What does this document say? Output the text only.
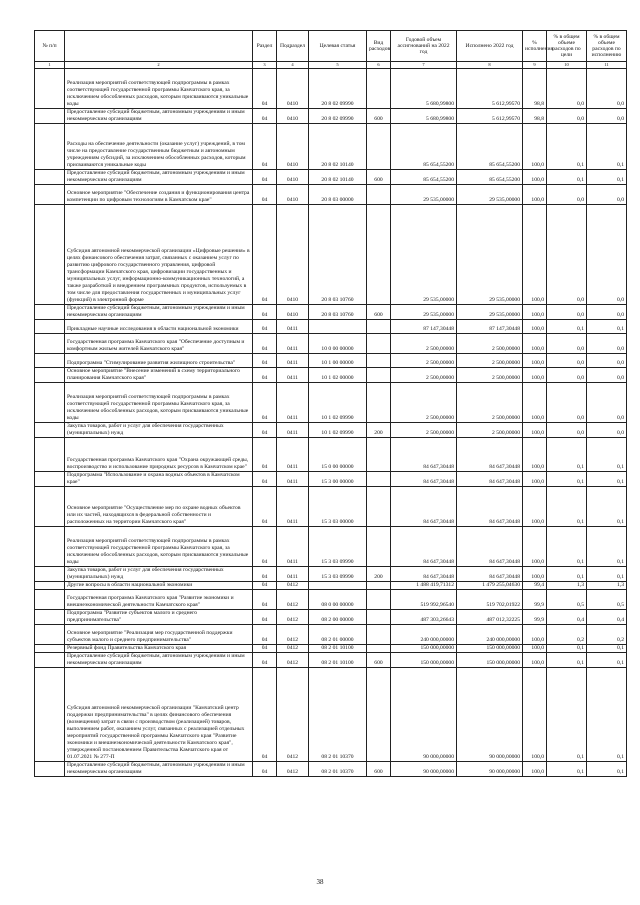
№ п/п		Раздел	Подраздел	Целевая статья	Вид расходов	Годовой объем ассигнований на 2022 год	Исполнено 2022 год	% исполнения	% в общем объеме расходов по цели	% в общем объеме расходов по исполнению
1	2	3	4	5	6	7	8	9	10	11
	Реализация мероприятий соответствующей подпрограммы в рамках соответствующей государственной программы Камчатского края, за исключением обособленных расходов, которым присваиваются уникальные коды	04	0410	20 8 02 09990		5 680,99800	5 612,99570	98,8	0,0	0,0
	Предоставление субсидий бюджетным, автономным учреждениям и иным некоммерческим организациям	04	0410	20 8 02 09990	600	5 680,99800	5 612,99570	98,8	0,0	0,0
	Расходы на обеспечение деятельности (оказание услуг) учреждений, в том числе на предоставление государственным бюджетным и автономным учреждениям субсидий, за исключением обособленных расходов, которым присваиваются уникальные коды	04	0410	20 8 02 10140		85 654,55200	85 654,55200	100,0	0,1	0,1
	Предоставление субсидий бюджетным, автономным учреждениям и иным некоммерческим организациям	04	0410	20 8 02 10140	600	85 654,55200	85 654,55200	100,0	0,1	0,1
	Основное мероприятие "Обеспечение создания и функционирования центра компетенции по цифровым технологиям в Камчатском крае"	04	0410	20 8 03 00000		29 535,00000	29 535,00000	100,0	0,0	0,0
	Субсидия автономной некоммерческой организации «Цифровые решения» в целях финансового обеспечения затрат, связанных с оказанием услуг по развитию цифрового государственного управления, цифровой трансформации Камчатского края, цифровизации государственных и муниципальных услуг, информационно-коммуникационных технологий, а также разработкой и внедрением программных продуктов, используемых в том числе для предоставления государственных и муниципальных услуг (функций) в электронной форме	04	0410	20 8 03 10760		29 535,00000	29 535,00000	100,0	0,0	0,0
	Предоставление субсидий бюджетным, автономным учреждениям и иным некоммерческим организациям	04	0410	20 8 03 10760	600	29 535,00000	29 535,00000	100,0	0,0	0,0
	Прикладные научные исследования в области национальной экономики	04	0411			87 147,30448	87 147,30448	100,0	0,1	0,1
	Государственная программа Камчатского края "Обеспечение доступным и комфортным жильем жителей Камчатского края"	04	0411	10 0 00 00000		2 500,00000	2 500,00000	100,0	0,0	0,0
	Подпрограмма "Стимулирование развития жилищного строительства"	04	0411	10 1 00 00000		2 500,00000	2 500,00000	100,0	0,0	0,0
	Основное мероприятие "Внесение изменений в схему территориального планирования Камчатского края"	04	0411	10 1 02 00000		2 500,00000	2 500,00000	100,0	0,0	0,0
	Реализация мероприятий соответствующей подпрограммы в рамках соответствующей государственной программы Камчатского края, за исключением обособленных расходов, которым присваиваются уникальные коды	04	0411	10 1 02 09990		2 500,00000	2 500,00000	100,0	0,0	0,0
	Закупка товаров, работ и услуг для обеспечения государственных (муниципальных) нужд	04	0411	10 1 02 09990	200	2 500,00000	2 500,00000	100,0	0,0	0,0
	Государственная программа Камчатского края "Охрана окружающей среды, воспроизводство и использование природных ресурсов в Камчатском крае"	04	0411	15 0 00 00000		84 647,30448	84 647,30448	100,0	0,1	0,1
	Подпрограмма "Использование и охрана водных объектов в Камчатском крае"	04	0411	15 3 00 00000		84 647,30448	84 647,30448	100,0	0,1	0,1
	Основное мероприятие "Осуществление мер по охране водных объектов или их частей, находящихся в федеральной собственности и расположенных на территории Камчатского края"	04	0411	15 3 03 00000		84 647,30448	84 647,30448	100,0	0,1	0,1
	Реализация мероприятий соответствующей подпрограммы в рамках соответствующей государственной программы Камчатского края, за исключением обособленных расходов, которым присваиваются уникальные коды	04	0411	15 3 03 09990		84 647,30448	84 647,30448	100,0	0,1	0,1
	Закупка товаров, работ и услуг для обеспечения государственных (муниципальных) нужд	04	0411	15 3 03 09990	200	84 647,30448	84 647,30448	100,0	0,1	0,1
	Другие вопросы в области национальной экономики	04	0412			1 488 419,71312	1 479 255,04630	99,4	1,3	1,3
	Государственная программа Камчатского края "Развитие экономики и внешнеэкономической деятельности Камчатского края"	04	0412	08 0 00 00000		519 992,96540	519 702,01922	99,9	0,5	0,5
	Подпрограмма "Развитие субъектов малого и среднего предпринимательства"	04	0412	08 2 00 00000		487 303,26643	487 012,32225	99,9	0,4	0,4
	Основное мероприятие "Реализация мер государственной поддержки субъектов малого и среднего предпринимательства"	04	0412	08 2 01 00000		240 000,00000	240 000,00000	100,0	0,2	0,2
	Резервный фонд Правительства Камчатского края	04	0412	08 2 01 10100		150 000,00000	150 000,00000	100,0	0,1	0,1
	Предоставление субсидий бюджетным, автономным учреждениям и иным некоммерческим организациям	04	0412	08 2 01 10100	600	150 000,00000	150 000,00000	100,0	0,1	0,1
	Субсидия автономной некоммерческой организации "Камчатский центр поддержки предпринимательства" в целях финансового обеспечения (возмещения) затрат в связи с производством (реализацией) товаров, выполнением работ, оказанием услуг, связанных с реализацией отдельных мероприятий государственной программы Камчатского края "Развитие экономики и внешнеэкономической деятельности Камчатского края", утвержденной постановлением Правительства Камчатского края от 01.07.2021 № 277-П	04	0412	08 2 01 10370		90 000,00000	90 000,00000	100,0	0,1	0,1
	Предоставление субсидий бюджетным, автономным учреждениям и иным некоммерческим организациям	04	0412	08 2 01 10370	600	90 000,00000	90 000,00000	100,0	0,1	0,1
38
